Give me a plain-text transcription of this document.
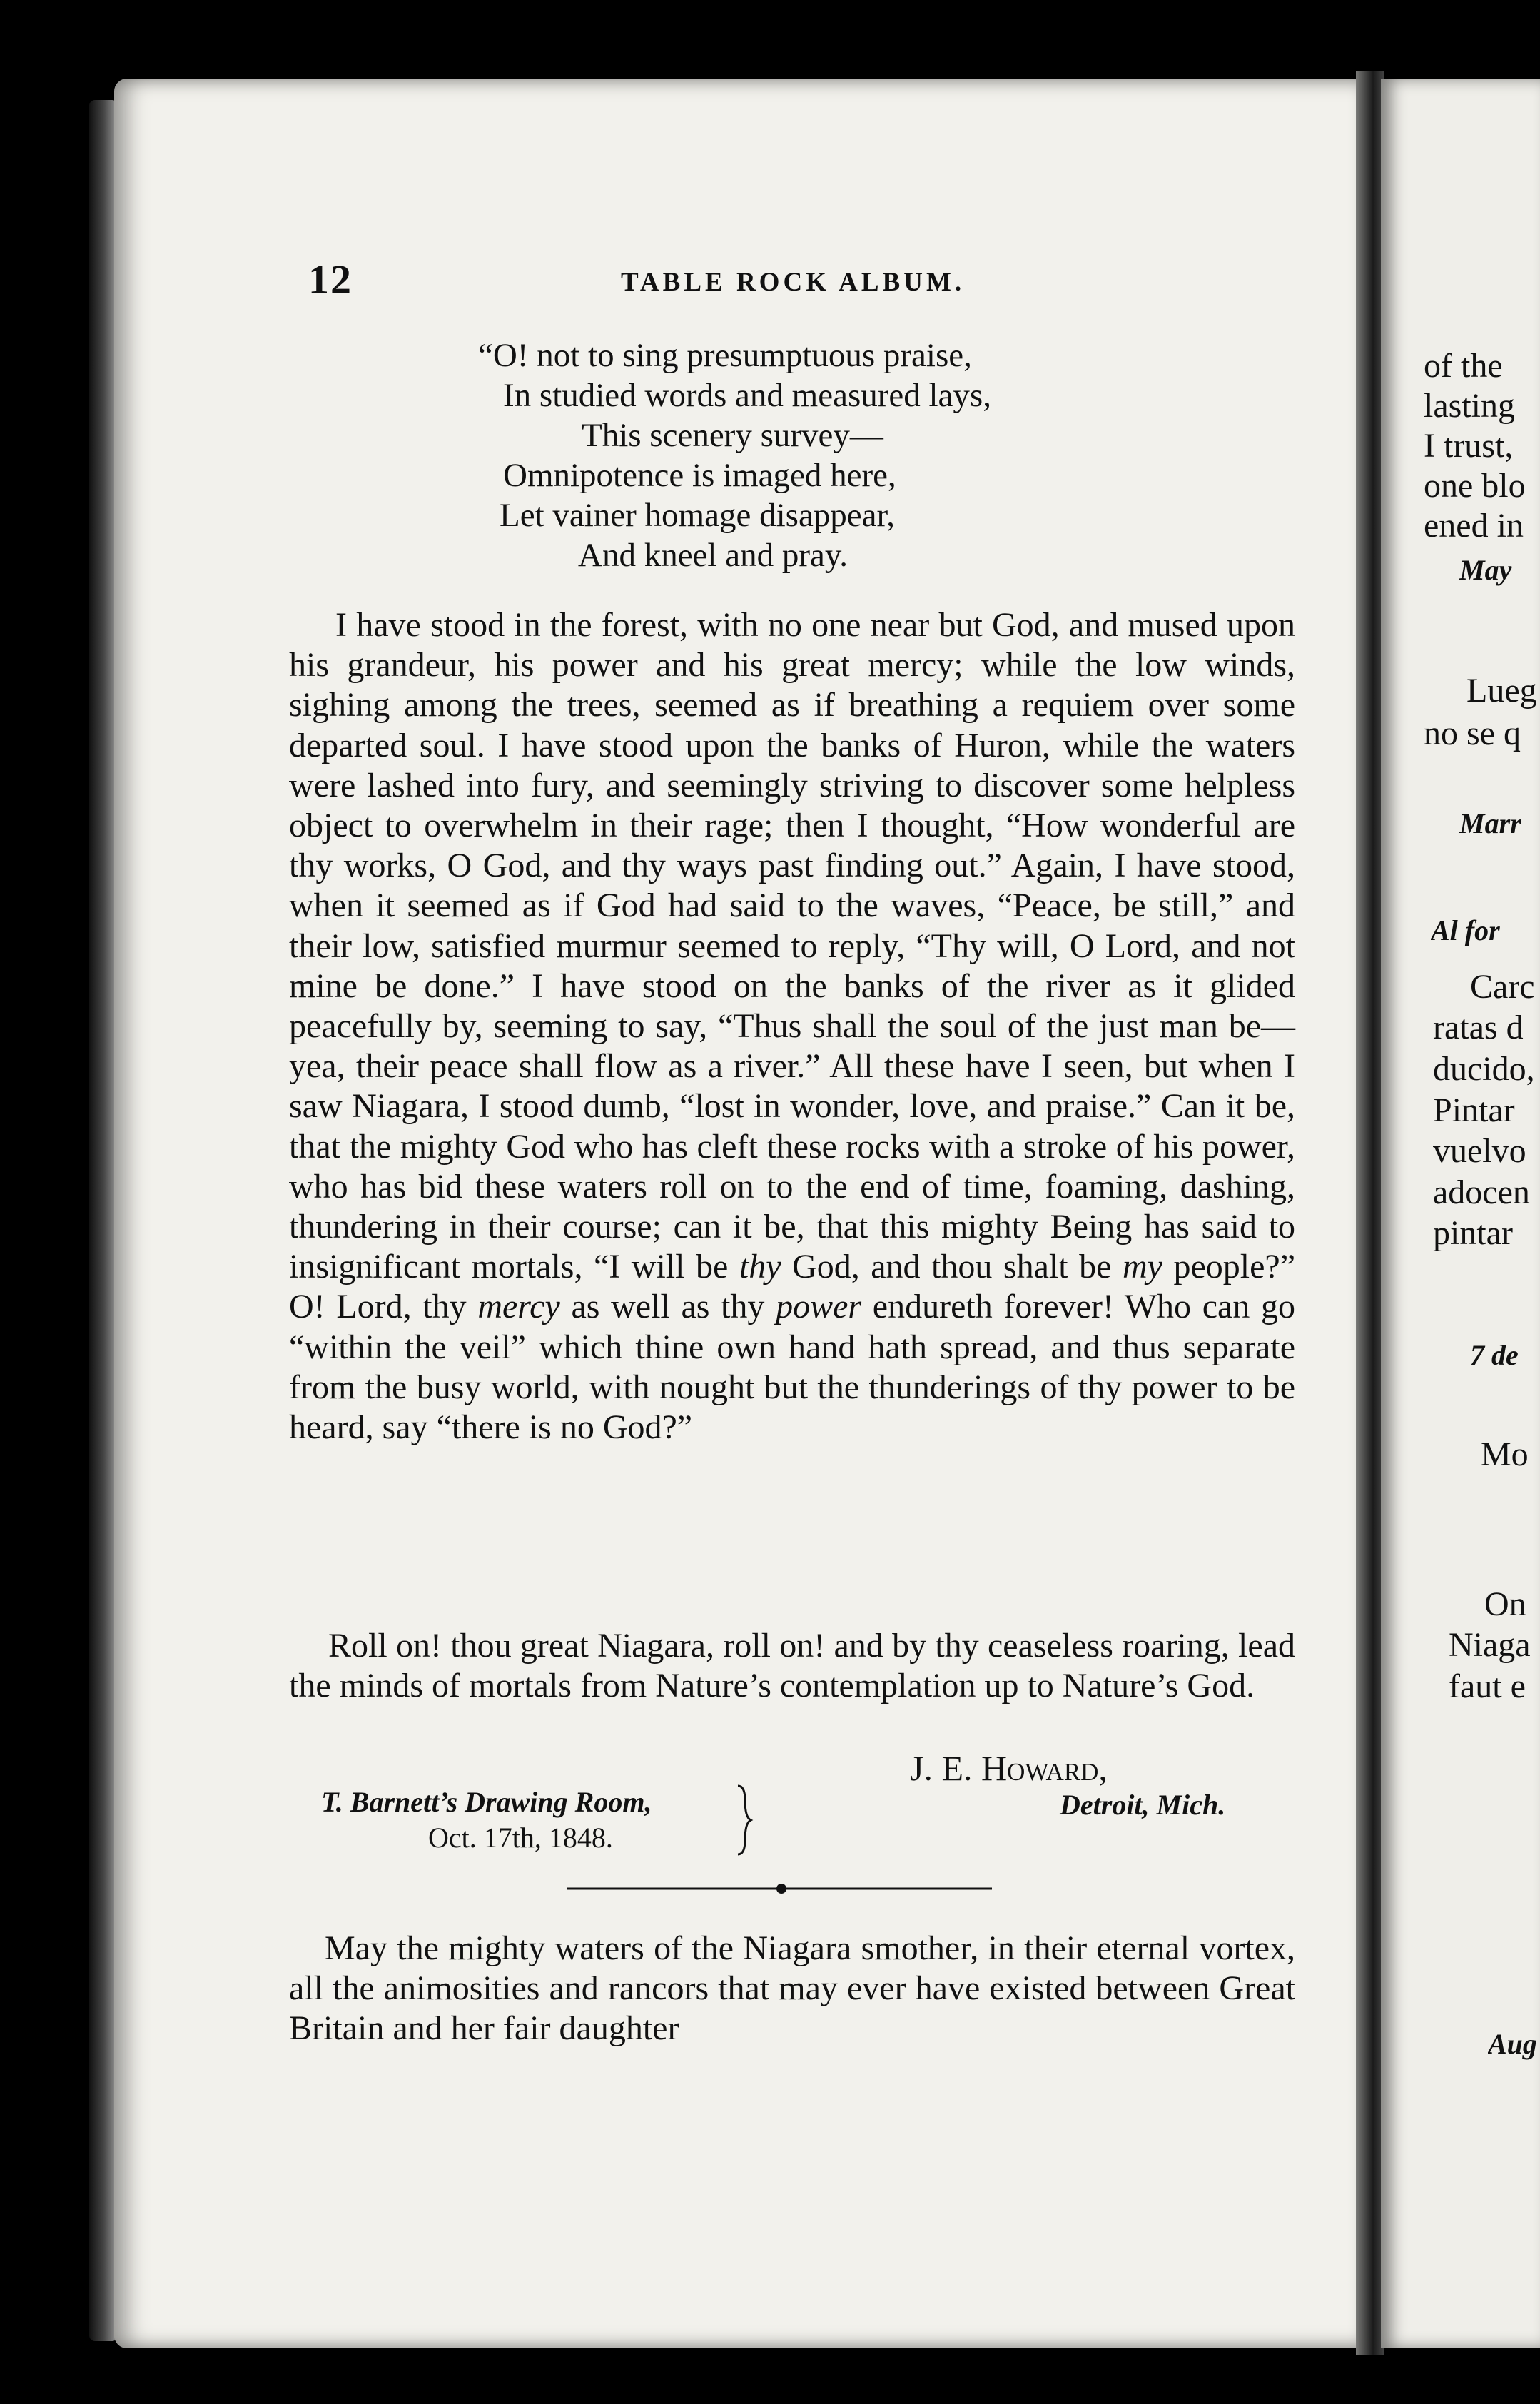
12	TABLE ROCK ALBUM.
“O! not to sing presumptuous praise,
In studied words and measured lays,
This scenery survey—
Omnipotence is imaged here,
Let vainer homage disappear,
And kneel and pray.
I have stood in the forest, with no one near but God, and mused upon his grandeur, his power and his great mercy; while the low winds, sighing among the trees, seemed as if breathing a requiem over some departed soul. I have stood upon the banks of Huron, while the waters were lashed into fury, and seemingly striving to discover some helpless object to overwhelm in their rage; then I thought, “How wonderful are thy works, O God, and thy ways past finding out.” Again, I have stood, when it seemed as if God had said to the waves, “Peace, be still,” and their low, satisfied murmur seemed to reply, “Thy will, O Lord, and not mine be done.” I have stood on the banks of the river as it glided peacefully by, seeming to say, “Thus shall the soul of the just man be—yea, their peace shall flow as a river.” All these have I seen, but when I saw Niagara, I stood dumb, “lost in wonder, love, and praise.” Can it be, that the mighty God who has cleft these rocks with a stroke of his power, who has bid these waters roll on to the end of time, foaming, dashing, thundering in their course; can it be, that this mighty Being has said to insignificant mortals, “I will be thy God, and thou shalt be my people?” O! Lord, thy mercy as well as thy power endureth forever! Who can go “within the veil” which thine own hand hath spread, and thus separate from the busy world, with nought but the thunderings of thy power to be heard, say “there is no God?”
Roll on! thou great Niagara, roll on! and by thy ceaseless roaring, lead the minds of mortals from Nature’s contemplation up to Nature’s God.
J. E. Howard,
Detroit, Mich.
T. Barnett’s Drawing Room,
Oct. 17th, 1848.
May the mighty waters of the Niagara smother, in their eternal vortex, all the animosities and rancors that may ever have existed between Great Britain and her fair daughter
of the
lasting
I trust,
one blo
ened in
May
Lueg
no se q
Marr
Al for
Carc
ratas d
ducido,
Pintar
vuelvo
adocen
pintar
7 de
Mo
On
Niaga
faut e
Aug
